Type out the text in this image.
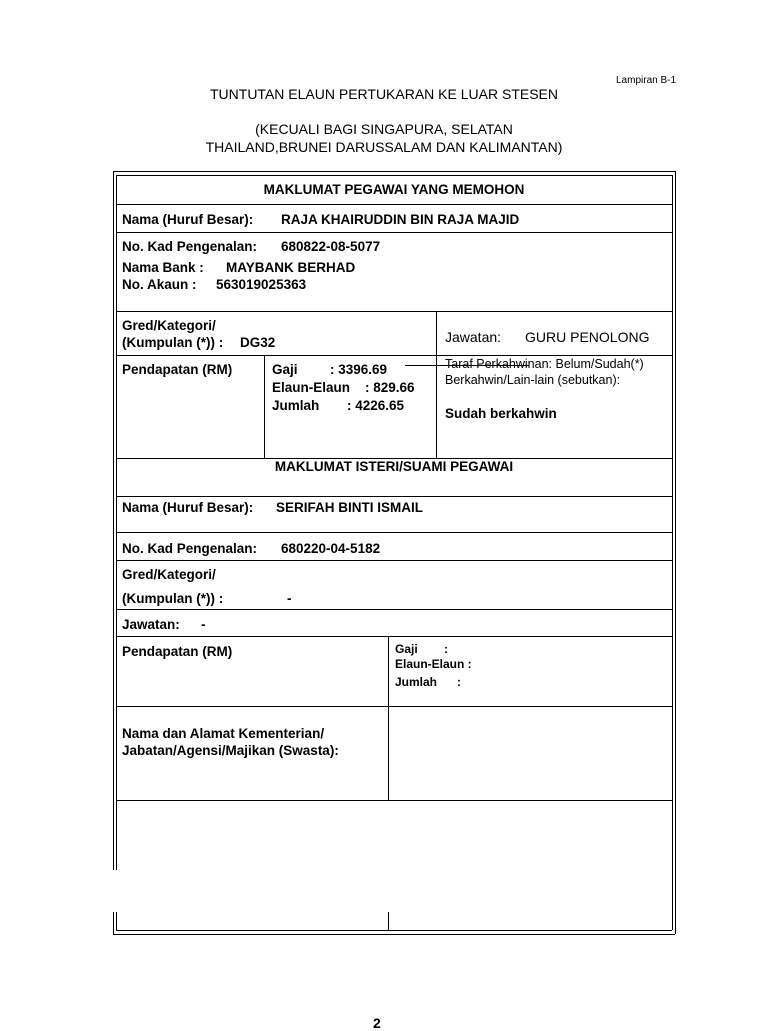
Lampiran B-1
TUNTUTAN ELAUN PERTUKARAN KE LUAR STESEN
(KECUALI BAGI SINGAPURA, SELATAN
THAILAND,BRUNEI DARUSSALAM DAN KALIMANTAN)
MAKLUMAT PEGAWAI YANG MEMOHON
Nama (Huruf Besar): RAJA KHAIRUDDIN BIN RAJA MAJID
No. Kad Pengenalan: 680822-08-5077
Nama Bank : MAYBANK BERHAD
No. Akaun : 563019025363
Gred/Kategori/
(Kumpulan (*)) : DG32	Jawatan: GURU PENOLONG
Pendapatan (RM)	Gaji : 3396.69
Elaun-Elaun : 829.66
Jumlah : 4226.65
Taraf Perkahwinan: Belum/Sudah(*)
Berkahwin/Lain-lain (sebutkan):
Sudah berkahwin
MAKLUMAT ISTERI/SUAMI PEGAWAI
Nama (Huruf Besar): SERIFAH BINTI ISMAIL
No. Kad Pengenalan: 680220-04-5182
Gred/Kategori/
(Kumpulan (*)) :	-
Jawatan: -
Pendapatan (RM)	Gaji :
Elaun-Elaun :
Jumlah :
Nama dan Alamat Kementerian/
Jabatan/Agensi/Majikan (Swasta):
2
